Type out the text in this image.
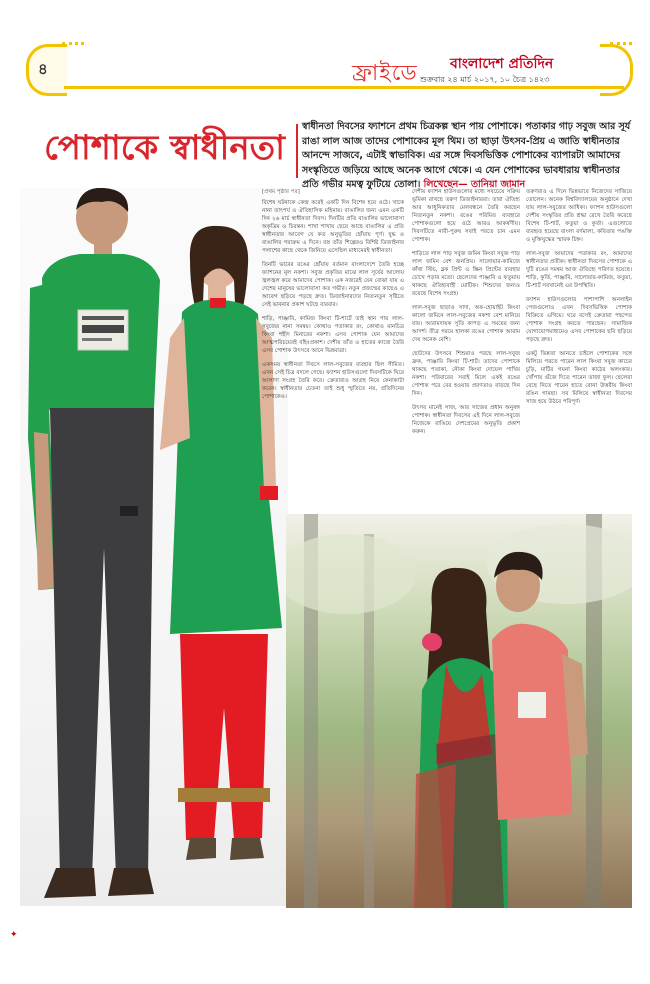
৪	ফ্রাইডে বাংলাদেশ প্রতিদিন
শুক্রবার ২৪ মার্চ ২০১৭, ১০ চৈত্র ১৪২৩
পোশাকে স্বাধীনতা
স্বাধীনতা দিবসের ফ্যাশনে প্রথম চিত্রকল্প স্থান পায় পোশাকে। পতাকার গাঢ় সবুজ আর সূর্য রাঙা লাল আজ তাদের পোশাকের মূল থিম। তা ছাড়া উৎসব-প্রিয় এ জাতি স্বাধীনতার আনন্দে সাজবে, এটাই স্বাভাবিক। এর সঙ্গে দিবসভিত্তিক পোশাকের ব্যাপারটা আমাদের সংস্কৃতিতে জড়িয়ে আছে অনেক আগে থেকে। এ যেন পোশাকের ভাবধারায় স্বাধীনতার প্রতি গভীর মমত্ব ফুটিয়ে তোলা। লিখেছেন— তানিয়া জামান
[প্রথম পৃষ্ঠার পর]

বিশেষ ঘটনাকে কেন্দ্র করেই একটি দিন বিশেষ হয়ে ওঠে। খাকে নানা তাৎপর্য ও ঐতিহাসিক মহিমায়। বাঙালির জন্য এমন একটি দিন ২৬ মার্চ স্বাধীনতা দিবস। দিনটির প্রতি বাঙালির ভালোবাসা অকৃত্রিম ও চিরন্তন। শাখা শাখায় ছেয়ে আছে বাঙালির এ প্রতি স্বাধীনতার আবেগ যে কত অনুভূতির ছোঁয়ায় পূর্ণ। যুদ্ধ ও বাঙালির পরাক্রম এ দিনে। বস্ত্র তাঁত শিল্পেরও বিশিষ্ট ডিজাইনার পলাশের কাছে থেকে জিনিয়ে এসেছিল মাধ্যমেরই স্বাধীনতা।

তিনটি ভাবের রঙের ছোঁয়ায় বর্তমান বাংলাদেশে তৈরি হচ্ছে ফ্যাশনের মূল নকশা। সবুজ প্রকৃতির মাঝে লাল সূর্যের আলোয় জ্বলজ্বল করে আমাদের পোশাক। এক নজরেই যেন বোঝা যায় এ দেশের মানুষের ভালোবাসা কত গভীর। নতুন প্রজন্মের কাছেও এ আবেগ ছড়িয়ে পড়ছে দ্রুত। ডিজাইনারদের নিত্যনতুন সৃষ্টিতে সেই ভাবনার প্রকাশ ঘটছে বারবার।

শাড়ি, পাঞ্জাবি, কামিজ কিংবা টি-শার্টে তাই স্থান পায় লাল-সবুজের নানা সমন্বয়। কোথাও পতাকার রং, কোথাও মানচিত্র কিংবা শহীদ মিনারের নকশা। এসব পোশাক যেন আমাদের আত্মপরিচয়েরই বহিঃপ্রকাশ। দেশীয় তাঁত ও হাতের কাজে তৈরি এসব পোশাক উৎসবে আনে ভিন্নমাত্রা।

একসময় স্বাধীনতা দিবসে লাল-সবুজের ব্যবহার ছিল সীমিত। এখন সেই চিত্র বদলে গেছে। ফ্যাশন হাউসগুলো দিবসটিকে ঘিরে আলাদা সংগ্রহ তৈরি করে। ক্রেতারাও আগ্রহ নিয়ে কেনাকাটা করেন। স্বাধীনতার চেতনা তাই শুধু স্মৃতিতে নয়, প্রতিদিনের পোশাকেও।

দেশীয় ফ্যাশন হাউসগুলোর মধ্যে সবচেয়ে সক্রিয় ভূমিকা রাখছে তরুণ ডিজাইনাররা। তারা ঐতিহ্য আর আধুনিকতার মেলবন্ধনে তৈরি করছেন নিত্যনতুন নকশা। রঙের পরিমিত ব্যবহারে পোশাকগুলো হয়ে ওঠে আরও আকর্ষণীয়। দিবসটিতে নারী-পুরুষ সবাই পরতে চান এমন পোশাক।

শাড়িতে লাল পাড় সবুজ জমিন কিংবা সবুজ পাড় লাল জমিন বেশ জনপ্রিয়। সালোয়ার-কামিজে কাঁথা স্টিচ, ব্লক প্রিন্ট ও স্ক্রিন প্রিন্টের ব্যবহার চোখে পড়ার মতো। ছেলেদের পাঞ্জাবি ও ফতুয়ায় থাকছে ঐতিহ্যবাহী মোটিফ। শিশুদের জন্যও রয়েছে বিশেষ সংগ্রহ।

লাল-সবুজ ছাড়াও সাদা, অফ-হোয়াইট কিংবা কালো জমিনে লাল-সবুজের নকশা বেশ মানিয়ে যায়। আরামদায়ক সুতি কাপড় এ সময়ের জন্য আদর্শ। তীব্র গরমে হালকা রঙের পোশাক আরাম দেয় অনেক বেশি।

ছোটদের উৎসবে শিশুরাও পরছে লাল-সবুজ ফ্রক, পাঞ্জাবি কিংবা টি-শার্ট। তাদের পোশাকে থাকছে পতাকা, নৌকা কিংবা দোয়েল পাখির নকশা। পরিবারের সবাই মিলে একই রঙের পোশাক পরে বের হওয়ার প্রবণতাও বাড়ছে দিন দিন।

উৎসব মানেই সাজ, আর সাজের প্রধান অনুষঙ্গ পোশাক। স্বাধীনতা দিবসের এই দিনে লাল-সবুজে নিজেকে রাঙিয়ে দেশপ্রেমের অনুভূতি প্রকাশ করুন।

তরুণরাও এ দিনে ভিন্নভাবে নিজেদের সাজিয়ে তোলেন। অনেক বিশ্ববিদ্যালয়ের অনুষ্ঠানে দেখা যায় লাল-সবুজের আধিক্য। ফ্যাশন হাউসগুলো দেশীয় সংস্কৃতির প্রতি শ্রদ্ধা রেখে তৈরি করেছে বিশেষ টি-শার্ট, ফতুয়া ও কুর্তা। এগুলোতে ব্যবহৃত হয়েছে বাংলা বর্ণমালা, কবিতার পঙক্তি ও মুক্তিযুদ্ধের স্মারক চিহ্ন।

লাল-সবুজ আমাদের পতাকার রং, আমাদের স্বাধীনতার প্রতীক। স্বাধীনতা দিবসের পোশাকে এ দুটি রঙের সমন্বয় আজ ঐতিহ্যে পরিণত হয়েছে। শাড়ি, কুর্তি, পাঞ্জাবি, সালোয়ার-কামিজ, ফতুয়া, টি-শার্ট সবখানেই এর উপস্থিতি।

ফ্যাশন হাউসগুলোর পাশাপাশি অনলাইন পেজগুলোও এখন দিবসভিত্তিক পোশাক বিক্রিতে এগিয়ে। ঘরে বসেই ক্রেতারা পছন্দের পোশাক সংগ্রহ করতে পারছেন। সামাজিক যোগাযোগমাধ্যমেও এসব পোশাকের ছবি ছড়িয়ে পড়ছে দ্রুত।

একটু ভিন্নতা আনতে চাইলে পোশাকের সঙ্গে মিলিয়ে পরতে পারেন লাল কিংবা সবুজ কাচের চুড়ি, মাটির গয়না কিংবা কাঠের অলংকার। খোঁপায় গুঁজে দিতে পারেন তাজা ফুল। ছেলেরা বেছে নিতে পারেন হাতে বোনা উত্তরীয় কিংবা রঙিন গামছা। সব মিলিয়ে স্বাধীনতা দিবসের সাজ হয়ে উঠবে পরিপূর্ণ।

✦
